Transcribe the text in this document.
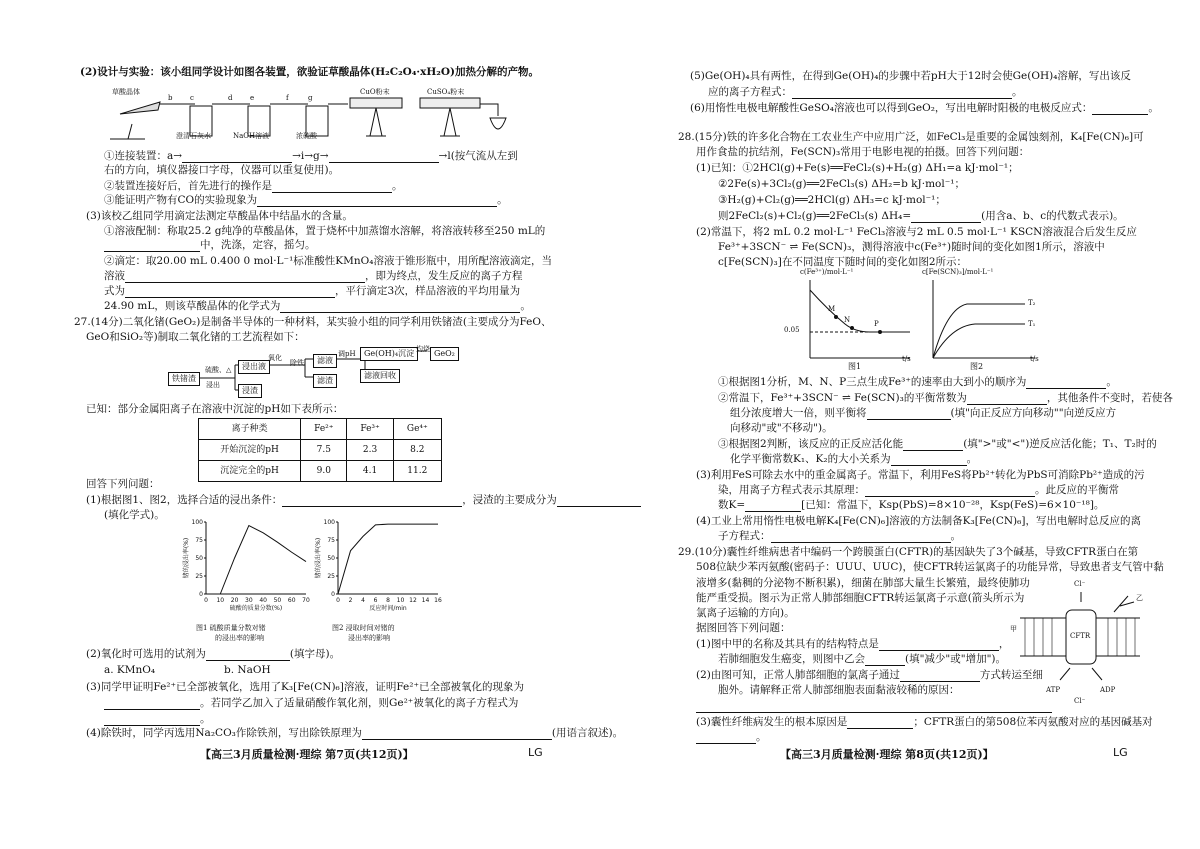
(2)设计与实验：该小组同学设计如图各装置，欲验证草酸晶体(H₂C₂O₄·xH₂O)加热分解的产物。
草酸晶体
澄清石灰水	NaOH溶液	浓硫酸
CuO粉末	CuSO₄粉末
b	c	d	e	f	g
①连接装置：a→	→i→g→	→l(按气流从左到
右的方向，填仪器接口字母，仪器可以重复使用)。
②装置连接好后，首先进行的操作是	。
③能证明产物有CO的实验现象为	。
(3)该校乙组同学用滴定法测定草酸晶体中结晶水的含量。
①溶液配制：称取25.2 g纯净的草酸晶体，置于烧杯中加蒸馏水溶解，将溶液转移至250 mL的
中，洗涤，定容，摇匀。
②滴定：取20.00 mL 0.400 0 mol·L⁻¹标准酸性KMnO₄溶液于锥形瓶中，用所配溶液滴定，当
溶液	，即为终点，发生反应的离子方程
式为	，平行滴定3次，样品溶液的平均用量为
24.90 mL，则该草酸晶体的化学式为	。
27.(14分)二氧化锗(GeO₂)是制备半导体的一种材料，某实验小组的同学利用铁锗渣(主要成分为FeO、
GeO和SiO₂等)制取二氧化锗的工艺流程如下：
铁锗渣
硫酸、△
浸出
浸出液
浸渣
氧化
除铁	滤液
滤渣
调pH	Ge(OH)₄沉淀
滤液回收
灼烧 GeO₂
已知：部分金属阳离子在溶液中沉淀的pH如下表所示：
离子种类	Fe²⁺	Fe³⁺	Ge⁴⁺
开始沉淀的pH	7.5	2.3	8.2
沉淀完全的pH	9.0	4.1	11.2
回答下列问题：
(1)根据图1、图2，选择合适的浸出条件：	，浸渣的主要成分为
(填化学式)。
0
25
50
75
100
0 10 20 30 40 50 60 70
硫酸的质量分数(%)
锗的浸出率(%)
0
25
50
75
100
0 2 4 6 8 10 12 14 16
反应时间/min
锗的浸出率(%)
图1 硫酸质量分数对锗
的浸出率的影响
图2 浸取时间对锗的
浸出率的影响
(2)氧化时可选用的试剂为	(填字母)。
a. KMnO₄	b. NaOH
(3)同学甲证明Fe²⁺已全部被氧化，选用了K₃[Fe(CN)₆]溶液，证明Fe²⁺已全部被氧化的现象为
。若同学乙加入了适量硝酸作氧化剂，则Ge²⁺被氧化的离子方程式为
。
(4)除铁时，同学丙选用Na₂CO₃作除铁剂，写出除铁原理为	(用语言叙述)。
【高三3月质量检测·理综 第7页(共12页)】	LG
(5)Ge(OH)₄具有两性，在得到Ge(OH)₄的步骤中若pH大于12时会使Ge(OH)₄溶解，写出该反
应的离子方程式：	。
(6)用惰性电极电解酸性GeSO₄溶液也可以得到GeO₂，写出电解时阳极的电极反应式：	。
28.(15分)铁的许多化合物在工农业生产中应用广泛，如FeCl₃是重要的金属蚀刻剂，K₄[Fe(CN)₆]可
用作食盐的抗结剂，Fe(SCN)₃常用于电影电视的拍摄。回答下列问题：
(1)已知：①2HCl(g)+Fe(s)══FeCl₂(s)+H₂(g) ΔH₁=a kJ·mol⁻¹；
②2Fe(s)+3Cl₂(g)══2FeCl₃(s) ΔH₂=b kJ·mol⁻¹；
③H₂(g)+Cl₂(g)══2HCl(g) ΔH₃=c kJ·mol⁻¹；
则2FeCl₂(s)+Cl₂(g)══2FeCl₃(s) ΔH₄=	(用含a、b、c的代数式表示)。
(2)常温下，将2 mL 0.2 mol·L⁻¹ FeCl₃溶液与2 mL 0.5 mol·L⁻¹ KSCN溶液混合后发生反应
Fe³⁺+3SCN⁻ ⇌ Fe(SCN)₃，测得溶液中c(Fe³⁺)随时间的变化如图1所示，溶液中
c[Fe(SCN)₃]在不同温度下随时间的变化如图2所示：
c(Fe³⁺)/mol·L⁻¹
0.05
M
N	P
t/s
图1
c[Fe(SCN)₃]/mol·L⁻¹
T₂
T₁
t/s
图2
①根据图1分析，M、N、P三点生成Fe³⁺的速率由大到小的顺序为	。
②常温下，Fe³⁺+3SCN⁻ ⇌ Fe(SCN)₃的平衡常数为	，其他条件不变时，若使各
组分浓度增大一倍，则平衡将	(填"向正反应方向移动""向逆反应方
向移动"或"不移动")。
③根据图2判断，该反应的正反应活化能	(填">"或"<")逆反应活化能；T₁、T₂时的
化学平衡常数K₁、K₂的大小关系为	。
(3)利用FeS可除去水中的重金属离子。常温下，利用FeS将Pb²⁺转化为PbS可消除Pb²⁺造成的污
染，用离子方程式表示其原理：	。此反应的平衡常
数K=	[已知：常温下，Ksp(PbS)=8×10⁻²⁸，Ksp(FeS)=6×10⁻¹⁸]。
(4)工业上常用惰性电极电解K₄[Fe(CN)₆]溶液的方法制备K₃[Fe(CN)₆]，写出电解时总反应的离
子方程式：	。
29.(10分)囊性纤维病患者中编码一个跨膜蛋白(CFTR)的基因缺失了3个碱基，导致CFTR蛋白在第
508位缺少苯丙氨酸(密码子：UUU、UUC)，使CFTR转运氯离子的功能异常，导致患者支气管中黏
液增多(黏稠的分泌物不断积累)，细菌在肺部大量生长繁殖，最终使肺功
能严重受损。图示为正常人肺部细胞CFTR转运氯离子示意(箭头所示为
氯离子运输的方向)。
据图回答下列问题：
(1)图中甲的名称及其具有的结构特点是	，
若肺细胞发生癌变，则图中乙会	(填"减少"或"增加")。
(2)由图可知，正常人肺部细胞的氯离子通过	方式转运至细
胞外。请解释正常人肺部细胞表面黏液较稀的原因：
(3)囊性纤维病发生的根本原因是	；CFTR蛋白的第508位苯丙氨酸对应的基因碱基对
。
Cl⁻
甲
乙
CFTR
ATP	ADP
Cl⁻
【高三3月质量检测·理综 第8页(共12页)】	LG
